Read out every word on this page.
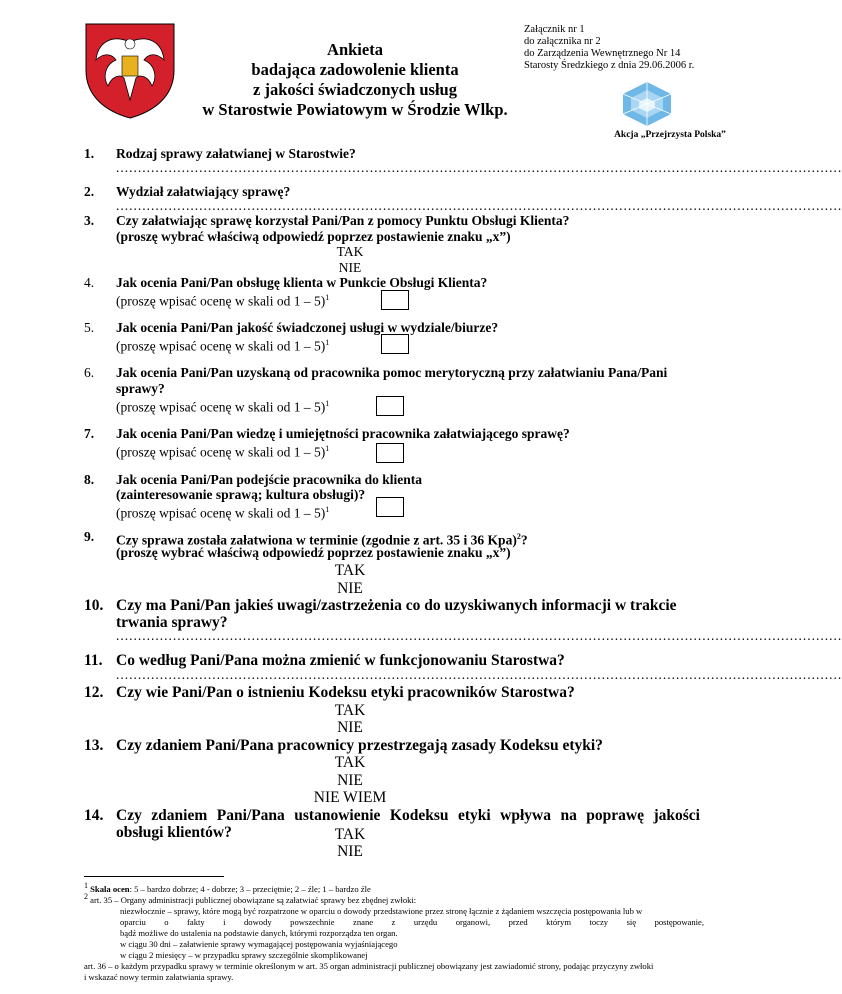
Ankieta
badająca zadowolenie klienta
z jakości świadczonych usług
w Starostwie Powiatowym w Środzie Wlkp.
Załącznik nr 1
do załącznika nr 2
do Zarządzenia Wewnętrznego Nr 14
Starosty Średzkiego z dnia 29.06.2006 r.
Akcja „Przejrzysta Polska”
1. Rodzaj sprawy załatwianej w Starostwie?
......................................................................................................................................................................
2. Wydział załatwiający sprawę?
......................................................................................................................................................................
3. Czy załatwiając sprawę korzystał Pani/Pan z pomocy Punktu Obsługi Klienta?
(proszę wybrać właściwą odpowiedź poprzez postawienie znaku „x”)
TAK
NIE
4. Jak ocenia Pani/Pan obsługę klienta w Punkcie Obsługi Klienta?
(proszę wpisać ocenę w skali od 1 – 5)$^1$
5. Jak ocenia Pani/Pan jakość świadczonej usługi w wydziale/biurze?
(proszę wpisać ocenę w skali od 1 – 5)$^1$
6. Jak ocenia Pani/Pan uzyskaną od pracownika pomoc merytoryczną przy załatwianiu Pana/Pani
sprawy?
(proszę wpisać ocenę w skali od 1 – 5)$^1$
7. Jak ocenia Pani/Pan wiedzę i umiejętności pracownika załatwiającego sprawę?
(proszę wpisać ocenę w skali od 1 – 5)$^1$
8. Jak ocenia Pani/Pan podejście pracownika do klienta
(zainteresowanie sprawą; kultura obsługi)?
(proszę wpisać ocenę w skali od 1 – 5)$^1$
9. Czy sprawa została załatwiona w terminie (zgodnie z art. 35 i 36 Kpa)$^2$?
(proszę wybrać właściwą odpowiedź poprzez postawienie znaku „x”)
TAK
NIE
10. Czy ma Pani/Pan jakieś uwagi/zastrzeżenia co do uzyskiwanych informacji w trakcie
trwania sprawy?
......................................................................................................................................................................
11. Co według Pani/Pana można zmienić w funkcjonowaniu Starostwa?
......................................................................................................................................................................
12. Czy wie Pani/Pan o istnieniu Kodeksu etyki pracowników Starostwa?
TAK
NIE
13. Czy zdaniem Pani/Pana pracownicy przestrzegają zasady Kodeksu etyki?
TAK
NIE
NIE WIEM
14. Czy zdaniem Pani/Pana ustanowienie Kodeksu etyki wpływa na poprawę jakości
obsługi klientów?	TAK
NIE
$^1$ Skala ocen: 5 – bardzo dobrze; 4 - dobrze; 3 – przeciętnie; 2 – źle; 1 – bardzo źle
$^2$ art. 35 – Organy administracji publicznej obowiązane są załatwiać sprawy bez zbędnej zwłoki:
niezwłocznie – sprawy, które mogą być rozpatrzone w oparciu o dowody przedstawione przez stronę łącznie z żądaniem wszczęcia postępowania lub w
oparciu o fakty i dowody powszechnie znane z urzędu organowi, przed którym toczy się postępowanie,
bądź możliwe do ustalenia na podstawie danych, którymi rozporządza ten organ.
w ciągu 30 dni – załatwienie sprawy wymagającej postępowania wyjaśniającego
w ciągu 2 miesięcy – w przypadku sprawy szczególnie skomplikowanej
art. 36 – o każdym przypadku sprawy w terminie określonym w art. 35 organ administracji publicznej obowiązany jest zawiadomić strony, podając przyczyny zwłoki
i wskazać nowy termin załatwiania sprawy.
